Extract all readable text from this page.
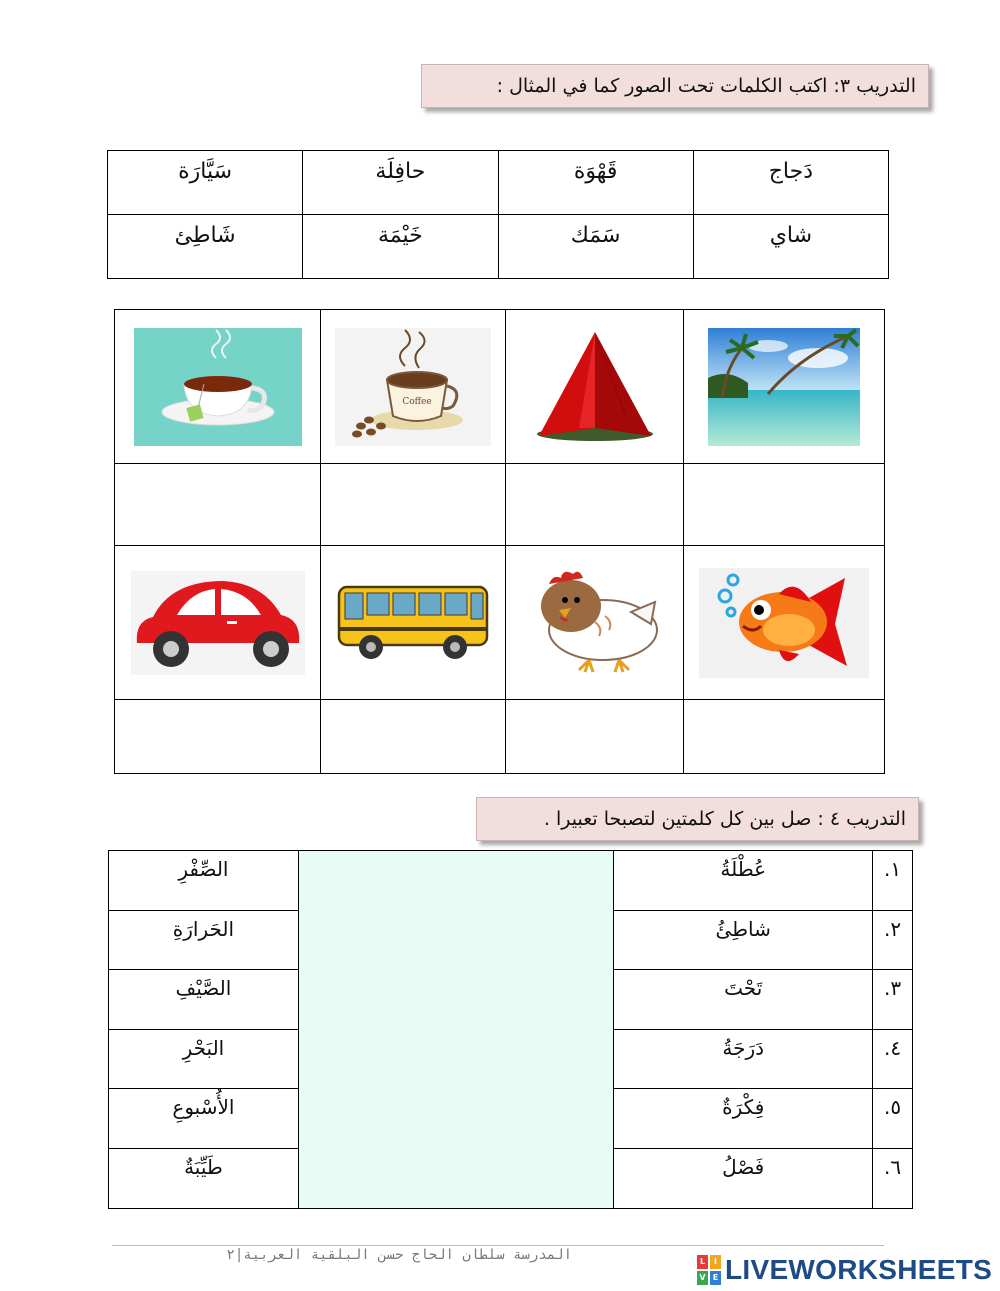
التدريب ٣: اكتب الكلمات تحت الصور كما في المثال :
دَجاج	قَهْوَة	حافِلَة	سَيَّارَة
شاي	سَمَك	خَيْمَة	شَاطِئ

Coffee

التدريب ٤ : صل بين كل كلمتين لتصبحا تعبيرا .
١.	عُطْلَةُ		الصِّفْرِ
٢.	شاطِئُ		الحَرارَةِ
٣.	تَحْتَ		الصَّيْفِ
٤.	دَرَجَةُ		البَحْرِ
٥.	فِكْرَةٌ		الأُسْبوعِ
٦.	فَصْلُ		طَيِّبَةٌ
المدرسة سلطان الحاج حسن البلقية العربية|٢	L	I
V E LIVEWORKSHEETS
